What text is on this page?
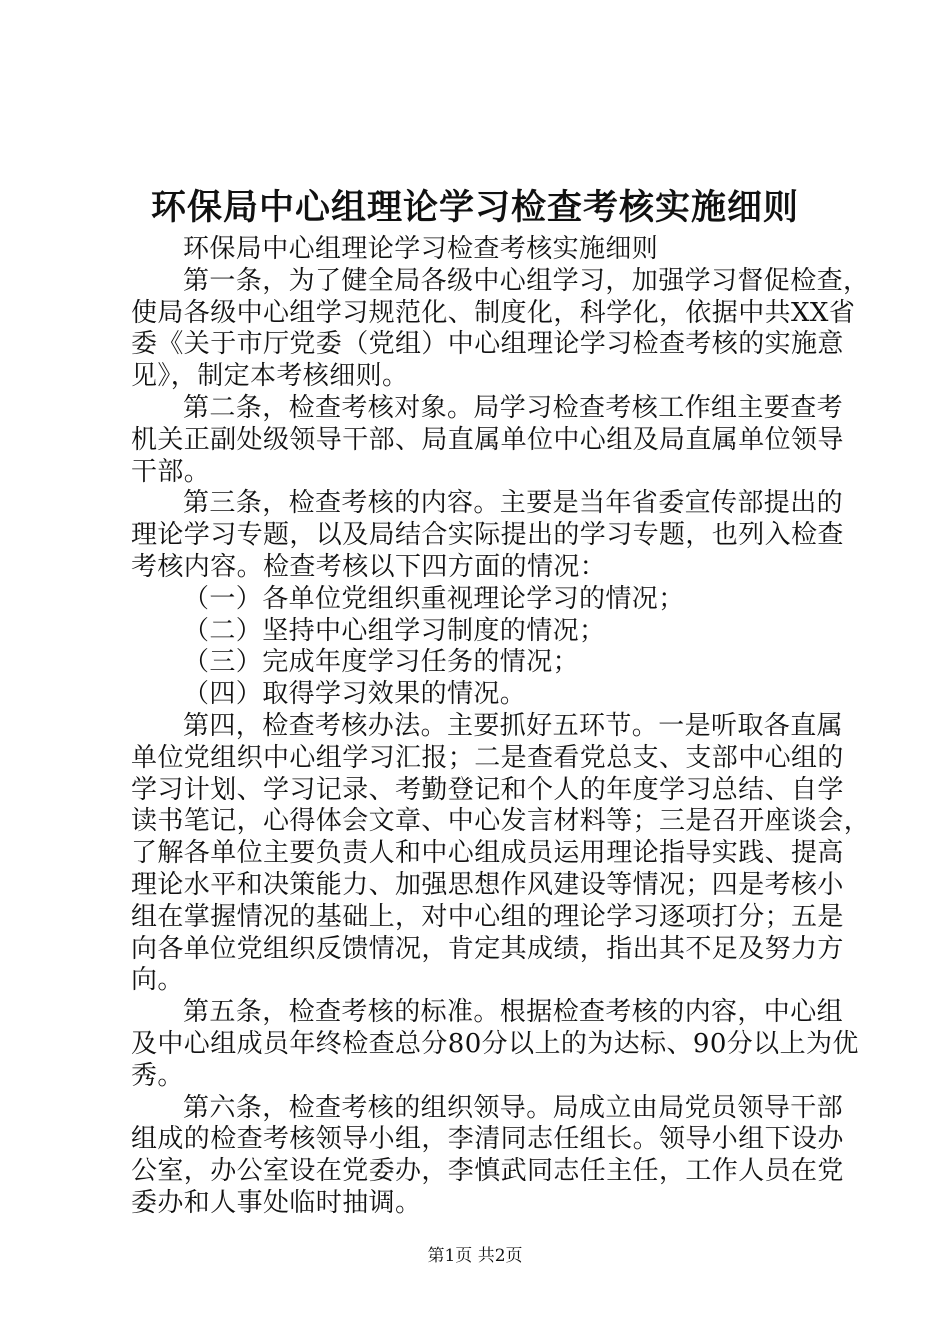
环保局中心组理论学习检查考核实施细则
环保局中心组理论学习检查考核实施细则
第一条，为了健全局各级中心组学习，加强学习督促检查，
使局各级中心组学习规范化、制度化，科学化，依据中共XX省
委《关于市厅党委（党组）中心组理论学习检查考核的实施意
见》，制定本考核细则。
第二条，检查考核对象。局学习检查考核工作组主要查考
机关正副处级领导干部、局直属单位中心组及局直属单位领导
干部。
第三条，检查考核的内容。主要是当年省委宣传部提出的
理论学习专题，以及局结合实际提出的学习专题，也列入检查
考核内容。检查考核以下四方面的情况：
（一）各单位党组织重视理论学习的情况；
（二）坚持中心组学习制度的情况；
（三）完成年度学习任务的情况；
（四）取得学习效果的情况。
第四，检查考核办法。主要抓好五环节。一是听取各直属
单位党组织中心组学习汇报；二是查看党总支、支部中心组的
学习计划、学习记录、考勤登记和个人的年度学习总结、自学
读书笔记，心得体会文章、中心发言材料等；三是召开座谈会，
了解各单位主要负责人和中心组成员运用理论指导实践、提高
理论水平和决策能力、加强思想作风建设等情况；四是考核小
组在掌握情况的基础上，对中心组的理论学习逐项打分；五是
向各单位党组织反馈情况，肯定其成绩，指出其不足及努力方
向。
第五条，检查考核的标准。根据检查考核的内容，中心组
及中心组成员年终检查总分80分以上的为达标、90分以上为优
秀。
第六条，检查考核的组织领导。局成立由局党员领导干部
组成的检查考核领导小组，李清同志任组长。领导小组下设办
公室，办公室设在党委办，李慎武同志任主任，工作人员在党
委办和人事处临时抽调。
第1页 共2页
